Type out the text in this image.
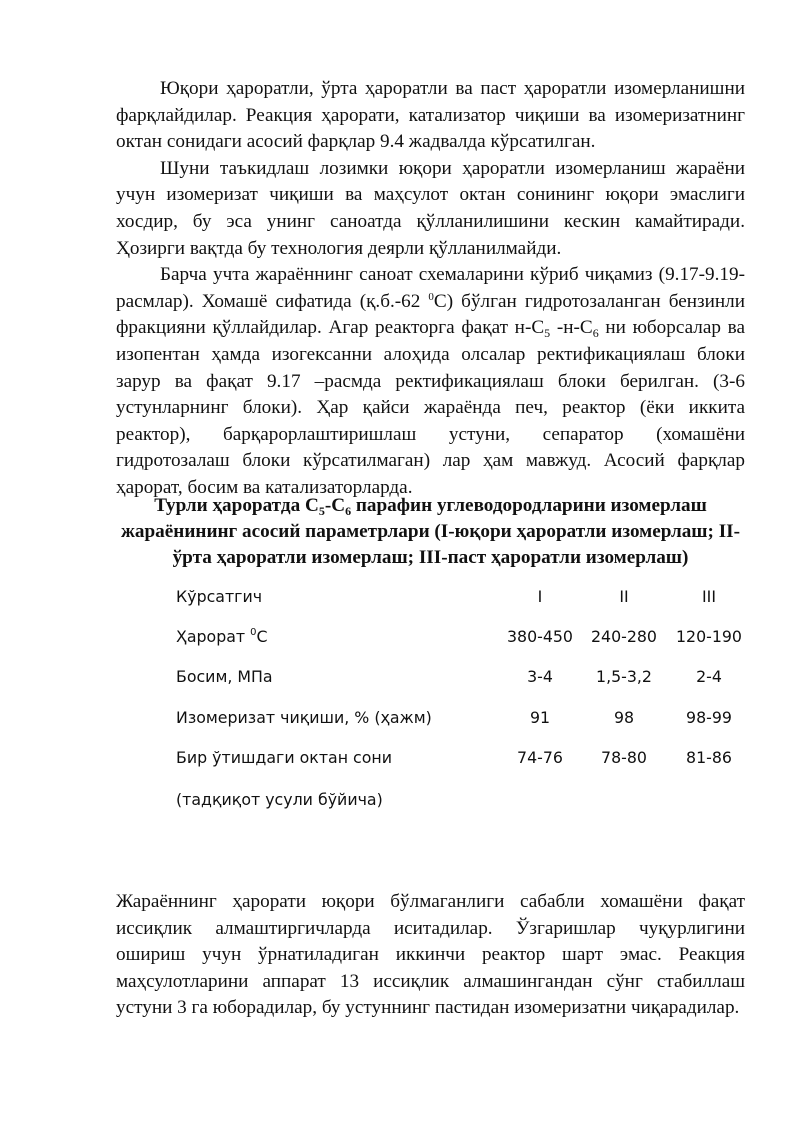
Юқори ҳароратли, ўрта ҳароратли ва паст ҳароратли изомерланишни фарқлайдилар. Реакция ҳарорати, катализатор чиқиши ва изомеризатнинг октан сонидаги асосий фарқлар 9.4 жадвалда кўрсатилган.

Шуни таъкидлаш лозимки юқори ҳароратли изомерланиш жараёни учун изомеризат чиқиши ва маҳсулот октан сонининг юқори эмаслиги хосдир, бу эса унинг саноатда қўлланилишини кескин камайтиради. Ҳозирги вақтда бу технология деярли қўлланилмайди.

Барча учта жараённинг саноат схемаларини кўриб чиқамиз (9.17-9.19-расмлар). Хомашё сифатида (қ.б.-62 $^0$С) бўлган гидротозаланган бензинли фракцияни қўллайдилар. Агар реакторга фақат $н-С_5$ $-н-С_6$ ни юборсалар ва изопентан ҳамда изогексанни алоҳида олсалар ректификациялаш блоки зарур ва фақат 9.17 –расмда ректификациялаш блоки берилган. (3-6 устунларнинг блоки). Ҳар қайси жараёнда печ, реактор (ёки иккита реактор), барқарорлаштиришлаш устуни, сепаратор (хомашёни гидротозалаш блоки кўрсатилмаган) лар ҳам мавжуд. Асосий фарқлар ҳарорат, босим ва катализаторларда.

Турли ҳароратда $С_5-С_6$ парафин углеводородларини изомерлаш жараёнининг асосий параметрлари (I-юқори ҳароратли изомерлаш; II-ўрта ҳароратли изомерлаш; III-паст ҳароратли изомерлаш)
Кўрсатгич	I	II	III
Ҳарорат $^0$С	380-450 240-280 120-190
Босим, МПа	3-4	1,5-3,2	2-4
Изомеризат чиқиши, % (ҳажм)	91	98	98-99
Бир ўтишдаги октан сони	74-76	78-80	81-86
(тадқиқот усули бўйича)

Жараённинг ҳарорати юқори бўлмаганлиги сабабли хомашёни фақат иссиқлик алмаштиргичларда иситадилар. Ўзгаришлар чуқурлигини ошириш учун ўрнатиладиган иккинчи реактор шарт эмас. Реакция маҳсулотларини аппарат 13 иссиқлик алмашингандан сўнг стабиллаш устуни 3 га юборадилар, бу устуннинг пастидан изомеризатни чиқарадилар.
